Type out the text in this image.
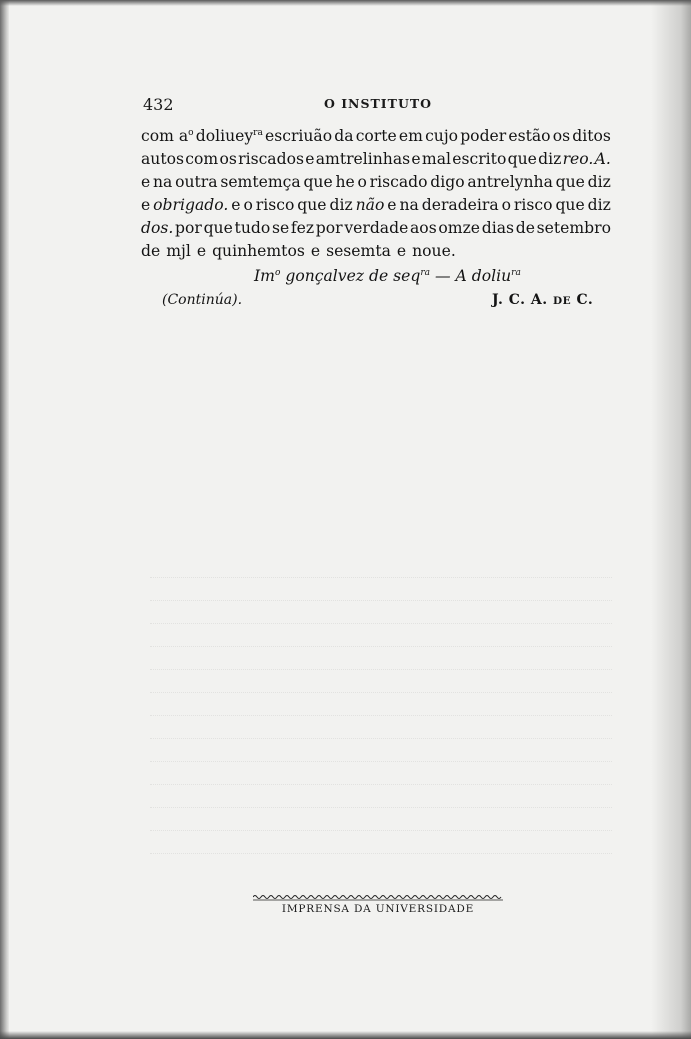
432	O INSTITUTO
com $a^o$ doliuey$^{ra}$ escriuão da corte em cujo poder estão os ditos
autos com os riscados e amtrelinhas e mal escrito que diz reo. A.
e na outra semtemça que he o riscado digo antrelynha que diz
e obrigado. e o risco que diz não e na deradeira o risco que diz
dos. por que tudo se fez por verdade aos omze dias de setembro
de mjl e quinhemtos e sesemta e noue.
Im$^o$ gonçalvez de seq$^{ra}$ — A doliu$^{ra}$
(Continúa).	J. C. A. DE C.
IMPRENSA DA UNIVERSIDADE
